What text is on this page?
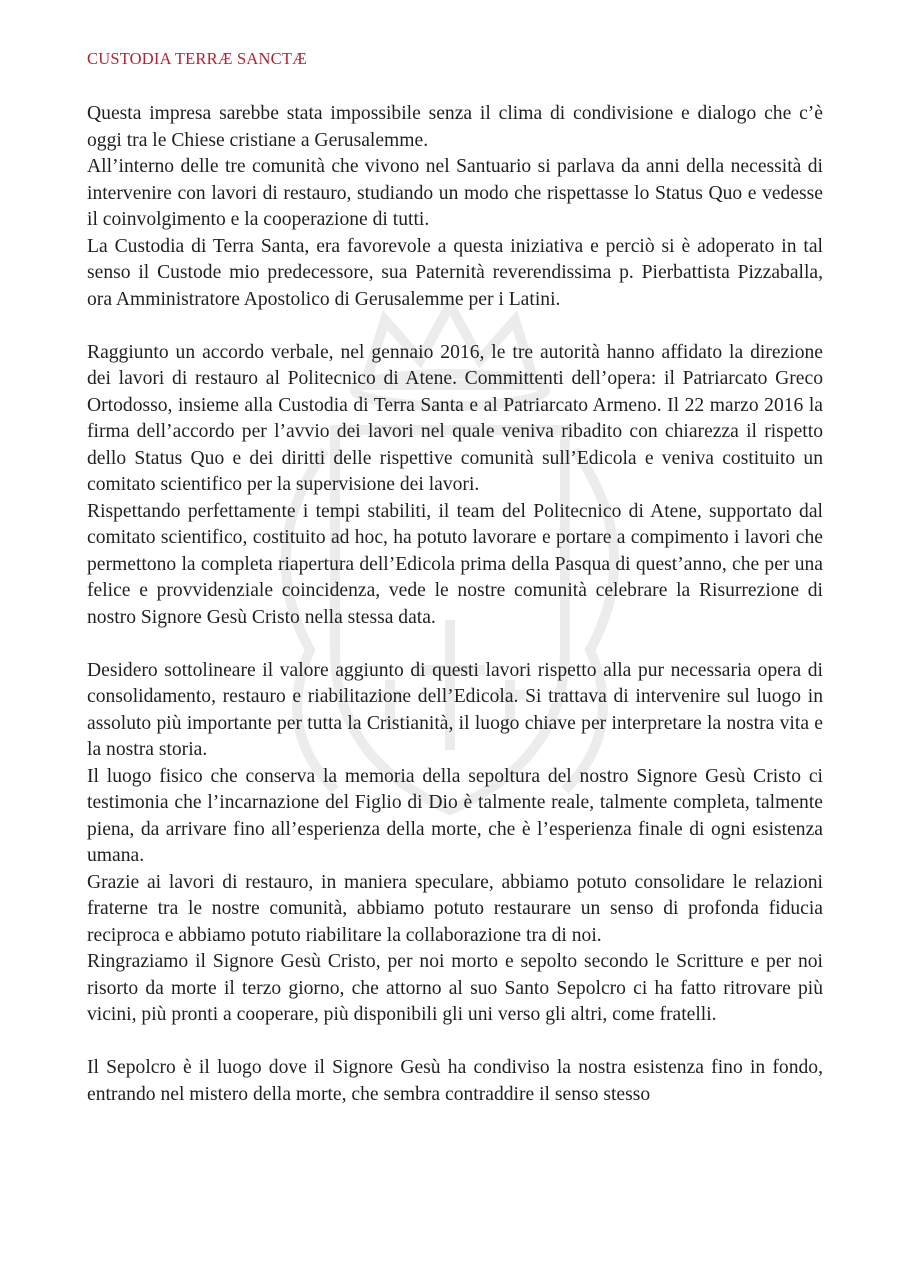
CUSTODIA TERRÆ SANCTÆ

Questa impresa sarebbe stata impossibile senza il clima di condivisione e dialogo che c’è oggi tra le Chiese cristiane a Gerusalemme.

All’interno delle tre comunità che vivono nel Santuario si parlava da anni della necessità di intervenire con lavori di restauro, studiando un modo che rispettasse lo Status Quo e vedesse il coinvolgimento e la cooperazione di tutti.

La Custodia di Terra Santa, era favorevole a questa iniziativa e perciò si è adoperato in tal senso il Custode mio predecessore, sua Paternità reverendissima p. Pierbattista Pizzaballa, ora Amministratore Apostolico di Gerusalemme per i Latini.

Raggiunto un accordo verbale, nel gennaio 2016, le tre autorità hanno affidato la direzione dei lavori di restauro al Politecnico di Atene. Committenti dell’opera: il Patriarcato Greco Ortodosso, insieme alla Custodia di Terra Santa e al Patriarcato Armeno. Il 22 marzo 2016 la firma dell’accordo per l’avvio dei lavori nel quale veniva ribadito con chiarezza il rispetto dello Status Quo e dei diritti delle rispettive comunità sull’Edicola e veniva costituito un comitato scientifico per la supervisione dei lavori.

Rispettando perfettamente i tempi stabiliti, il team del Politecnico di Atene, supportato dal comitato scientifico, costituito ad hoc, ha potuto lavorare e portare a compimento i lavori che permettono la completa riapertura dell’Edicola prima della Pasqua di quest’anno, che per una felice e provvidenziale coincidenza, vede le nostre comunità celebrare la Risurrezione di nostro Signore Gesù Cristo nella stessa data.

Desidero sottolineare il valore aggiunto di questi lavori rispetto alla pur necessaria opera di consolidamento, restauro e riabilitazione dell’Edicola. Si trattava di intervenire sul luogo in assoluto più importante per tutta la Cristianità, il luogo chiave per interpretare la nostra vita e la nostra storia.

Il luogo fisico che conserva la memoria della sepoltura del nostro Signore Gesù Cristo ci testimonia che l’incarnazione del Figlio di Dio è talmente reale, talmente completa, talmente piena, da arrivare fino all’esperienza della morte, che è l’esperienza finale di ogni esistenza umana.

Grazie ai lavori di restauro, in maniera speculare, abbiamo potuto consolidare le relazioni fraterne tra le nostre comunità, abbiamo potuto restaurare un senso di profonda fiducia reciproca e abbiamo potuto riabilitare la collaborazione tra di noi.

Ringraziamo il Signore Gesù Cristo, per noi morto e sepolto secondo le Scritture e per noi risorto da morte il terzo giorno, che attorno al suo Santo Sepolcro ci ha fatto ritrovare più vicini, più pronti a cooperare, più disponibili gli uni verso gli altri, come fratelli.

Il Sepolcro è il luogo dove il Signore Gesù ha condiviso la nostra esistenza fino in fondo, entrando nel mistero della morte, che sembra contraddire il senso stesso
